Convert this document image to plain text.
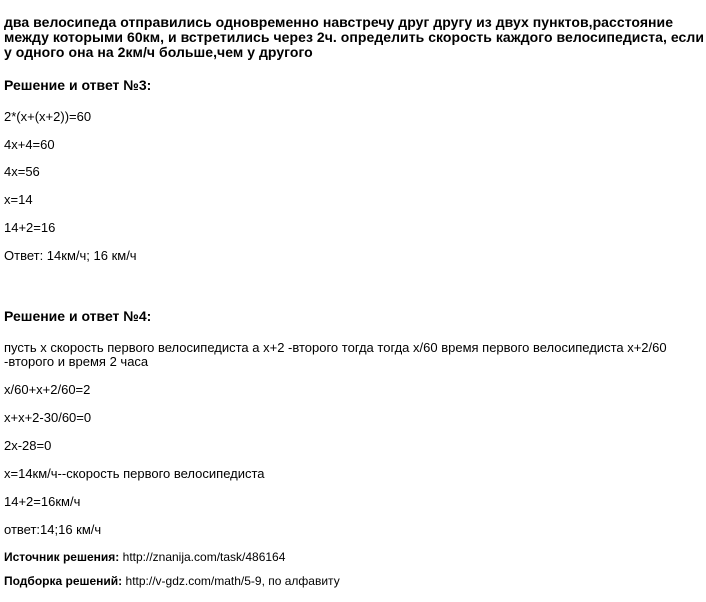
два велосипеда отправились одновременно навстречу друг другу из двух пунктов,расстояние между которыми 60км, и встретились через 2ч. определить скорость каждого велосипедиста, если у одного она на 2км/ч больше,чем у другого
Решение и ответ №3:
2*(x+(x+2))=60
4x+4=60
4x=56
x=14
14+2=16
Ответ: 14км/ч; 16 км/ч
Решение и ответ №4:
пусть х скорость первого велосипедиста а х+2 -второго тогда тогда х/60 время первого велосипедиста х+2/60 -второго и время 2 часа
х/60+х+2/60=2
х+х+2-30/60=0
2х-28=0
х=14км/ч--скорость первого велосипедиста
14+2=16км/ч
ответ:14;16 км/ч
Источник решения: http://znanija.com/task/486164
Подборка решений: http://v-gdz.com/math/5-9, по алфавиту
